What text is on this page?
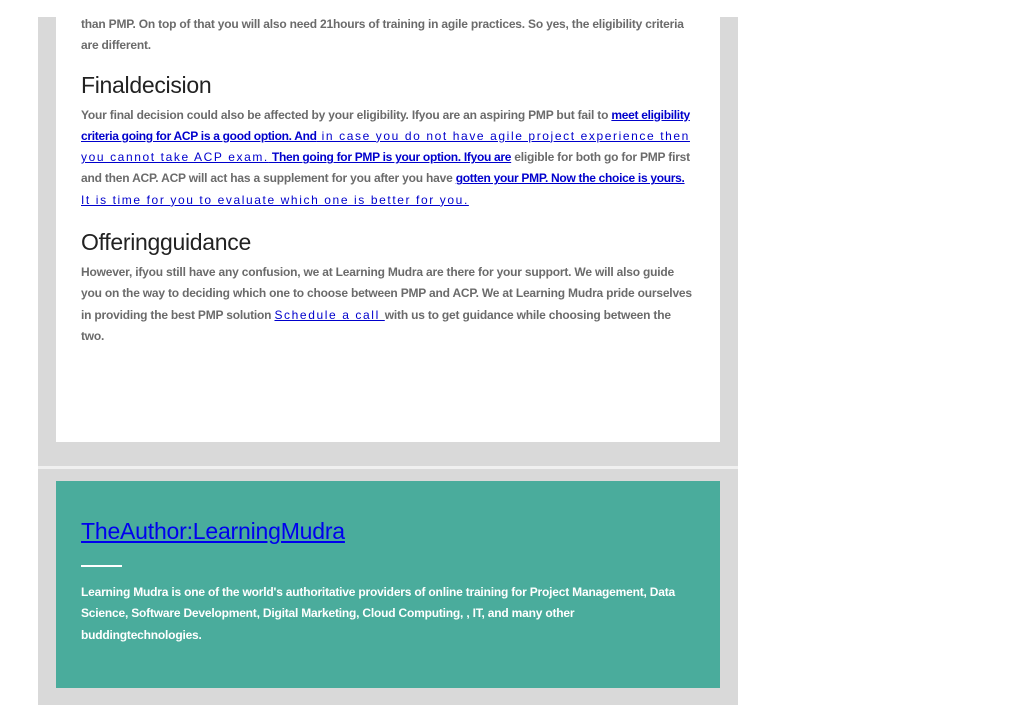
than PMP. On top of that you will also need 21hours of training in agile practices. So yes, the eligibility criteria are different.

Finaldecision

Your final decision could also be affected by your eligibility. Ifyou are an aspiring PMP but fail to meet eligibility criteria going for ACP is a good option. And in case you do not have agile project experience then you cannot take ACP exam. Then going for PMP is your option. Ifyou are eligible for both go for PMP first and then ACP. ACP will act has a supplement for you after you have gotten your PMP. Now the choice is yours. It is time for you to evaluate which one is better for you.

Offeringguidance

However, ifyou still have any confusion, we at Learning Mudra are there for your support. We will also guide you on the way to deciding which one to choose between PMP and ACP. We at Learning Mudra pride ourselves in providing the best PMP solution Schedule a call with us to get guidance while choosing between the two.

TheAuthor:LearningMudra

Learning Mudra is one of the world's authoritative providers of online training for Project Management, Data Science, Software Development, Digital Marketing, Cloud Computing, , IT, and many other buddingtechnologies.
